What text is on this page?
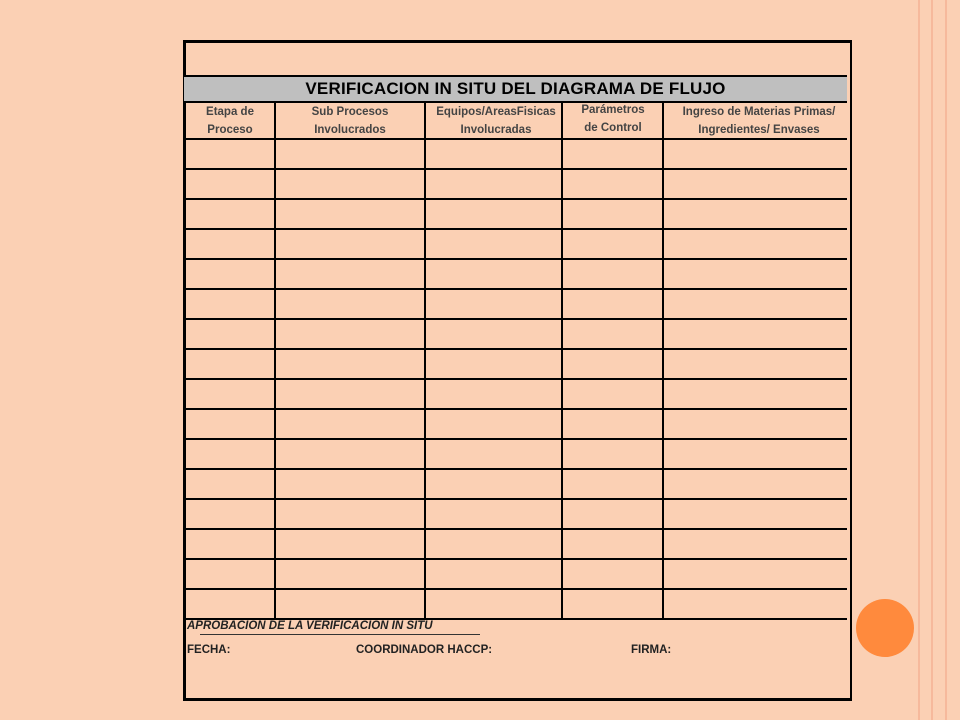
VERIFICACION IN SITU DEL DIAGRAMA DE FLUJO
Etapa de
Proceso
Sub Procesos
Involucrados
Equipos/AreasFisicas
Involucradas
Parámetros
de Control
Ingreso de Materias Primas/
Ingredientes/ Envases
APROBACION DE LA VERIFICACION IN SITU
FECHA:	COORDINADOR HACCP:	FIRMA:
